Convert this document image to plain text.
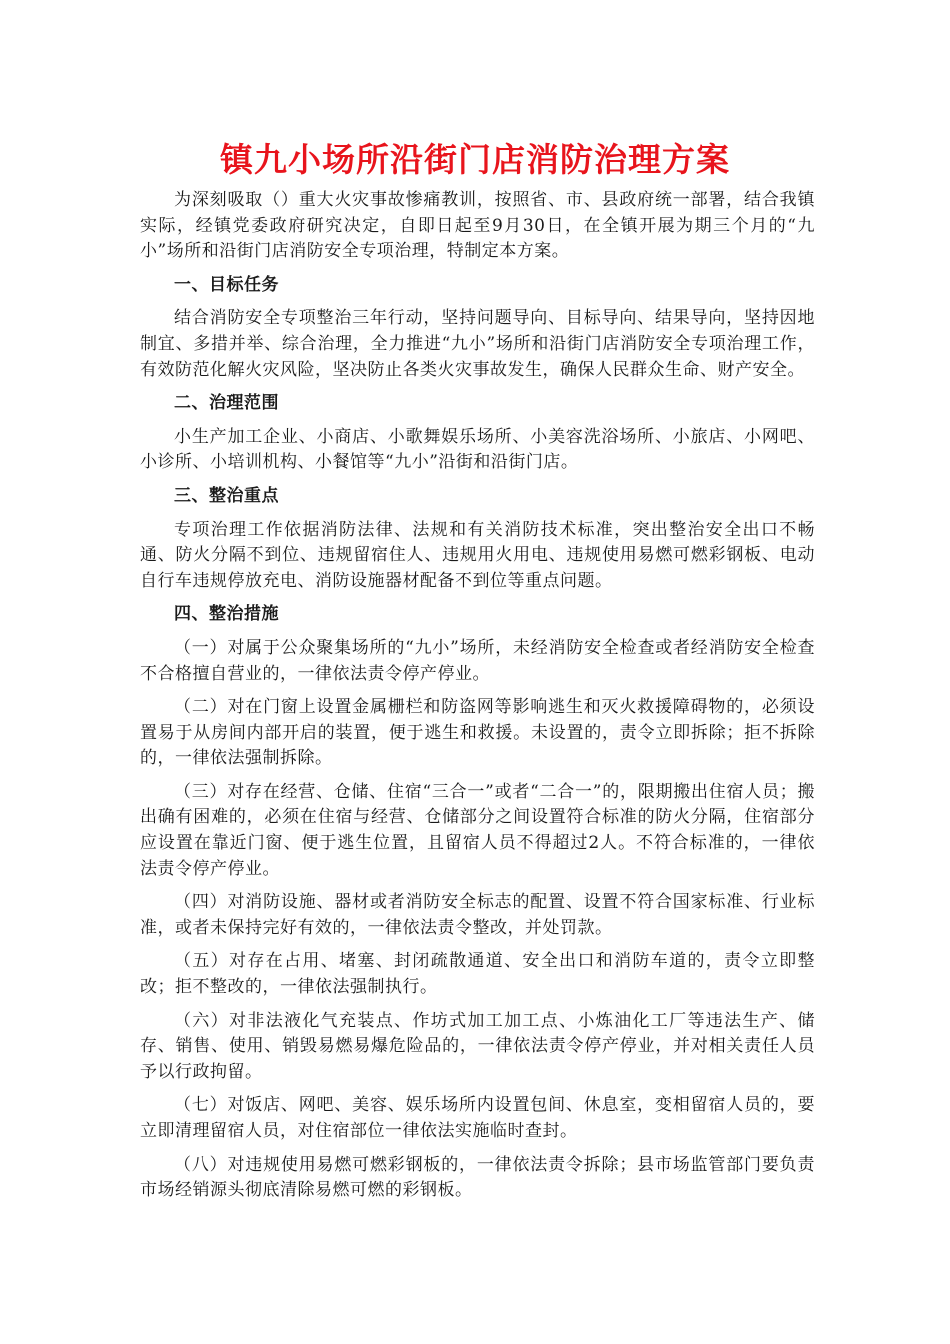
镇九小场所沿街门店消防治理方案

为深刻吸取（）重大火灾事故惨痛教训，按照省、市、县政府统一部署，结合我镇实际，经镇党委政府研究决定，自即日起至9月30日，在全镇开展为期三个月的“九小”场所和沿街门店消防安全专项治理，特制定本方案。

一、目标任务

结合消防安全专项整治三年行动，坚持问题导向、目标导向、结果导向，坚持因地制宜、多措并举、综合治理，全力推进“九小”场所和沿街门店消防安全专项治理工作，有效防范化解火灾风险，坚决防止各类火灾事故发生，确保人民群众生命、财产安全。

二、治理范围

小生产加工企业、小商店、小歌舞娱乐场所、小美容洗浴场所、小旅店、小网吧、小诊所、小培训机构、小餐馆等“九小”沿街和沿街门店。

三、整治重点

专项治理工作依据消防法律、法规和有关消防技术标准，突出整治安全出口不畅通、防火分隔不到位、违规留宿住人、违规用火用电、违规使用易燃可燃彩钢板、电动自行车违规停放充电、消防设施器材配备不到位等重点问题。

四、整治措施

（一）对属于公众聚集场所的“九小”场所，未经消防安全检查或者经消防安全检查不合格擅自营业的，一律依法责令停产停业。

（二）对在门窗上设置金属栅栏和防盗网等影响逃生和灭火救援障碍物的，必须设置易于从房间内部开启的装置，便于逃生和救援。未设置的，责令立即拆除；拒不拆除的，一律依法强制拆除。

（三）对存在经营、仓储、住宿“三合一”或者“二合一”的，限期搬出住宿人员；搬出确有困难的，必须在住宿与经营、仓储部分之间设置符合标准的防火分隔，住宿部分应设置在靠近门窗、便于逃生位置，且留宿人员不得超过2人。不符合标准的，一律依法责令停产停业。

（四）对消防设施、器材或者消防安全标志的配置、设置不符合国家标准、行业标准，或者未保持完好有效的，一律依法责令整改，并处罚款。

（五）对存在占用、堵塞、封闭疏散通道、安全出口和消防车道的，责令立即整改；拒不整改的，一律依法强制执行。

（六）对非法液化气充装点、作坊式加工加工点、小炼油化工厂等违法生产、储存、销售、使用、销毁易燃易爆危险品的，一律依法责令停产停业，并对相关责任人员予以行政拘留。

（七）对饭店、网吧、美容、娱乐场所内设置包间、休息室，变相留宿人员的，要立即清理留宿人员，对住宿部位一律依法实施临时查封。

（八）对违规使用易燃可燃彩钢板的，一律依法责令拆除；县市场监管部门要负责市场经销源头彻底清除易燃可燃的彩钢板。
